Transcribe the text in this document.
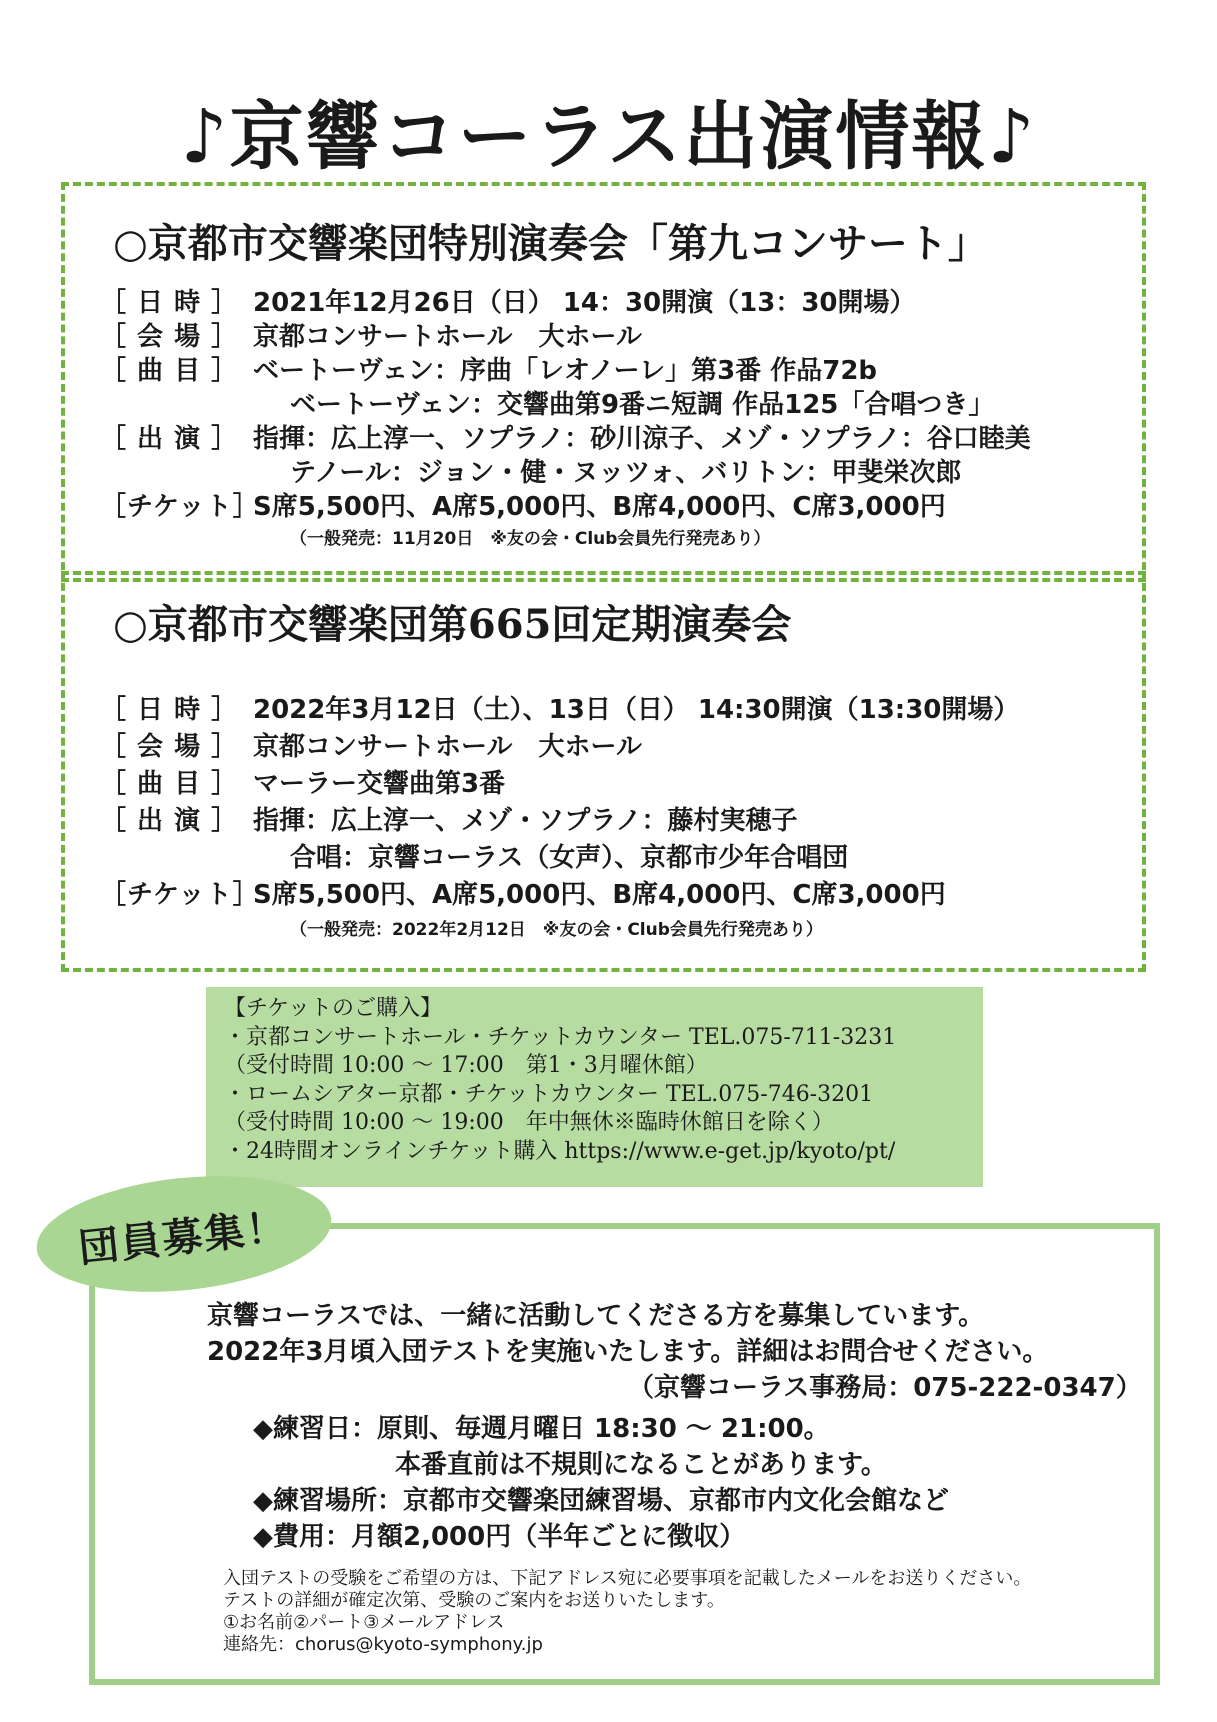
♪京響コーラス出演情報♪
○京都市交響楽団特別演奏会「第九コンサート」
［ 日 時 ］ 2021年12月26日（日） 14：30開演（13：30開場）
［ 会 場 ］ 京都コンサートホール　大ホール
［ 曲 目 ］ ベートーヴェン：序曲「レオノーレ」第3番 作品72b
ベートーヴェン：交響曲第9番ニ短調 作品125「合唱つき」
［ 出 演 ］ 指揮：広上淳一、ソプラノ：砂川涼子、メゾ・ソプラノ：谷口睦美
テノール：ジョン・健・ヌッツォ、バリトン：甲斐栄次郎
［チケット］S席5,500円、A席5,000円、B席4,000円、C席3,000円
（一般発売：11月20日　※友の会・Club会員先行発売あり）
○京都市交響楽団第665回定期演奏会
［ 日 時 ］ 2022年3月12日（土）、13日（日） 14:30開演（13:30開場）
［ 会 場 ］ 京都コンサートホール　大ホール
［ 曲 目 ］ マーラー交響曲第3番
［ 出 演 ］ 指揮：広上淳一、メゾ・ソプラノ：藤村実穂子
合唱：京響コーラス（女声）、京都市少年合唱団
［チケット］S席5,500円、A席5,000円、B席4,000円、C席3,000円
（一般発売：2022年2月12日　※友の会・Club会員先行発売あり）
【チケットのご購入】
・京都コンサートホール・チケットカウンター TEL.075-711-3231
（受付時間 10:00 ～ 17:00　第1・3月曜休館）
・ロームシアター京都・チケットカウンター TEL.075-746-3201
（受付時間 10:00 ～ 19:00　年中無休※臨時休館日を除く）
・24時間オンラインチケット購入 https://www.e-get.jp/kyoto/pt/
団員募集！
京響コーラスでは、一緒に活動してくださる方を募集しています。
2022年3月頃入団テストを実施いたします。詳細はお問合せください。
（京響コーラス事務局：075-222-0347）
◆練習日：原則、毎週月曜日 18:30 ～ 21:00。
本番直前は不規則になることがあります。
◆練習場所：京都市交響楽団練習場、京都市内文化会館など
◆費用：月額2,000円（半年ごとに徴収）
入団テストの受験をご希望の方は、下記アドレス宛に必要事項を記載したメールをお送りください。
テストの詳細が確定次第、受験のご案内をお送りいたします。
①お名前②パート③メールアドレス
連絡先：chorus@kyoto-symphony.jp
